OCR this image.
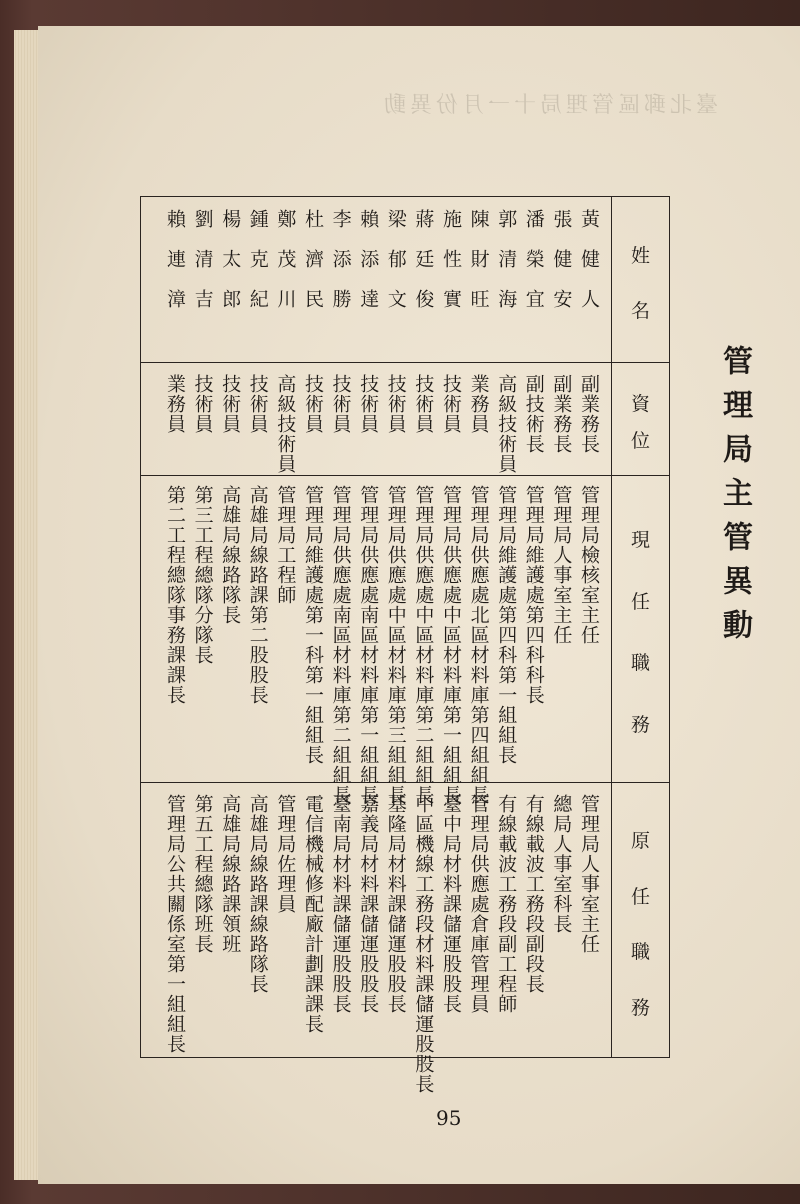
臺北郵區管理局十一月份異動
管理局主管異動
姓
名
資
位
現
任
職
務
原
任
職
務
黃健人
副業務長
管理局檢核室主任
管理局人事室主任
張健安
副業務長
管理局人事室主任
總局人事室科長
潘榮宜
副技術長
管理局維護處第四科科長
有線載波工務段副段長
郭清海
高級技術員
管理局維護處第四科第一組組長
有線載波工務段副工程師
陳財旺
業務員
管理局供應處北區材料庫第四組組長
管理局供應處倉庫管理員
施性實
技術員
管理局供應處中區材料庫第一組組長
臺中局材料課儲運股股長
蔣廷俊
技術員
管理局供應處中區材料庫第二組組長
中區機線工務段材料課儲運股股長
梁郁文
技術員
管理局供應處中區材料庫第三組組長
基隆局材料課儲運股股長
賴添達
技術員
管理局供應處南區材料庫第一組組長
嘉義局材料課儲運股股長
李添勝
技術員
管理局供應處南區材料庫第二組組長
臺南局材料課儲運股股長
杜濟民
技術員
管理局維護處第一科第一組組長
電信機械修配廠計劃課課長
鄭茂川
高級技術員
管理局工程師
管理局佐理員
鍾克紀
技術員
高雄局線路課第二股股長
高雄局線路課線路隊長
楊太郎
技術員
高雄局線路隊長
高雄局線路課領班
劉清吉
技術員
第三工程總隊分隊長
第五工程總隊班長
賴連漳
業務員
第二工程總隊事務課課長
管理局公共關係室第一組組長
95
